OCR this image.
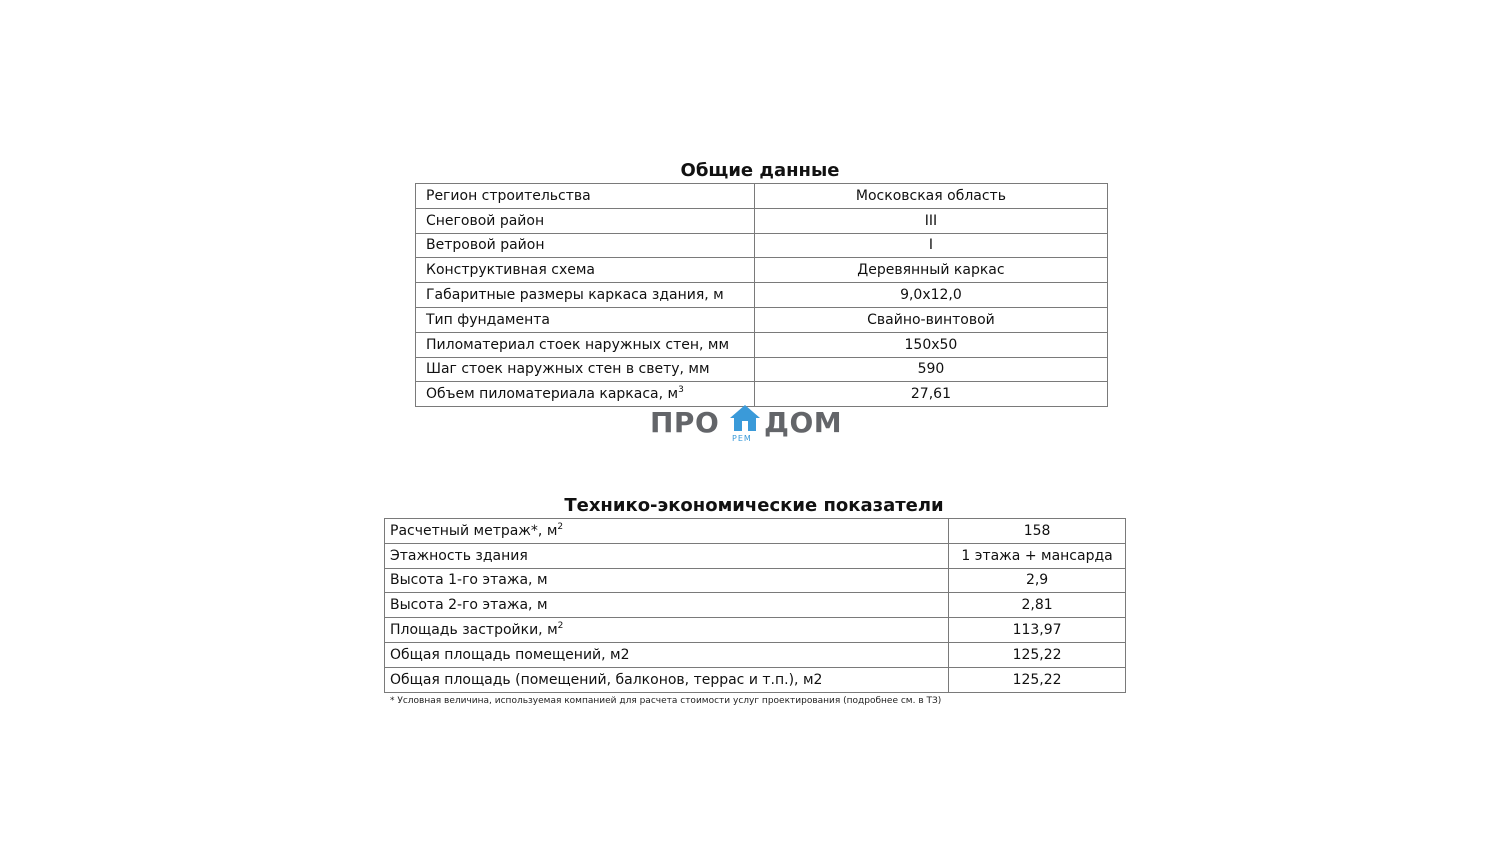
Общие данные
Регион строительства	Московская область
Снеговой район	III
Ветровой район	I
Конструктивная схема	Деревянный каркас
Габаритные размеры каркаса здания, м	9,0x12,0
Тип фундамента	Свайно-винтовой
Пиломатериал стоек наружных стен, мм	150x50
Шаг стоек наружных стен в свету, мм	590
Объем пиломатериала каркаса, $м^3$	27,61
ПРО РЕМ ДОМ
Технико-экономические показатели
Расчетный метраж*, $м^2$	158
Этажность здания	1 этажа + мансарда
Высота 1-го этажа, м	2,9
Высота 2-го этажа, м	2,81
Площадь застройки, $м^2$	113,97
Общая площадь помещений, м2	125,22
Общая площадь (помещений, балконов, террас и т.п.), м2	125,22

* Условная величина, используемая компанией для расчета стоимости услуг проектирования (подробнее см. в ТЗ)
